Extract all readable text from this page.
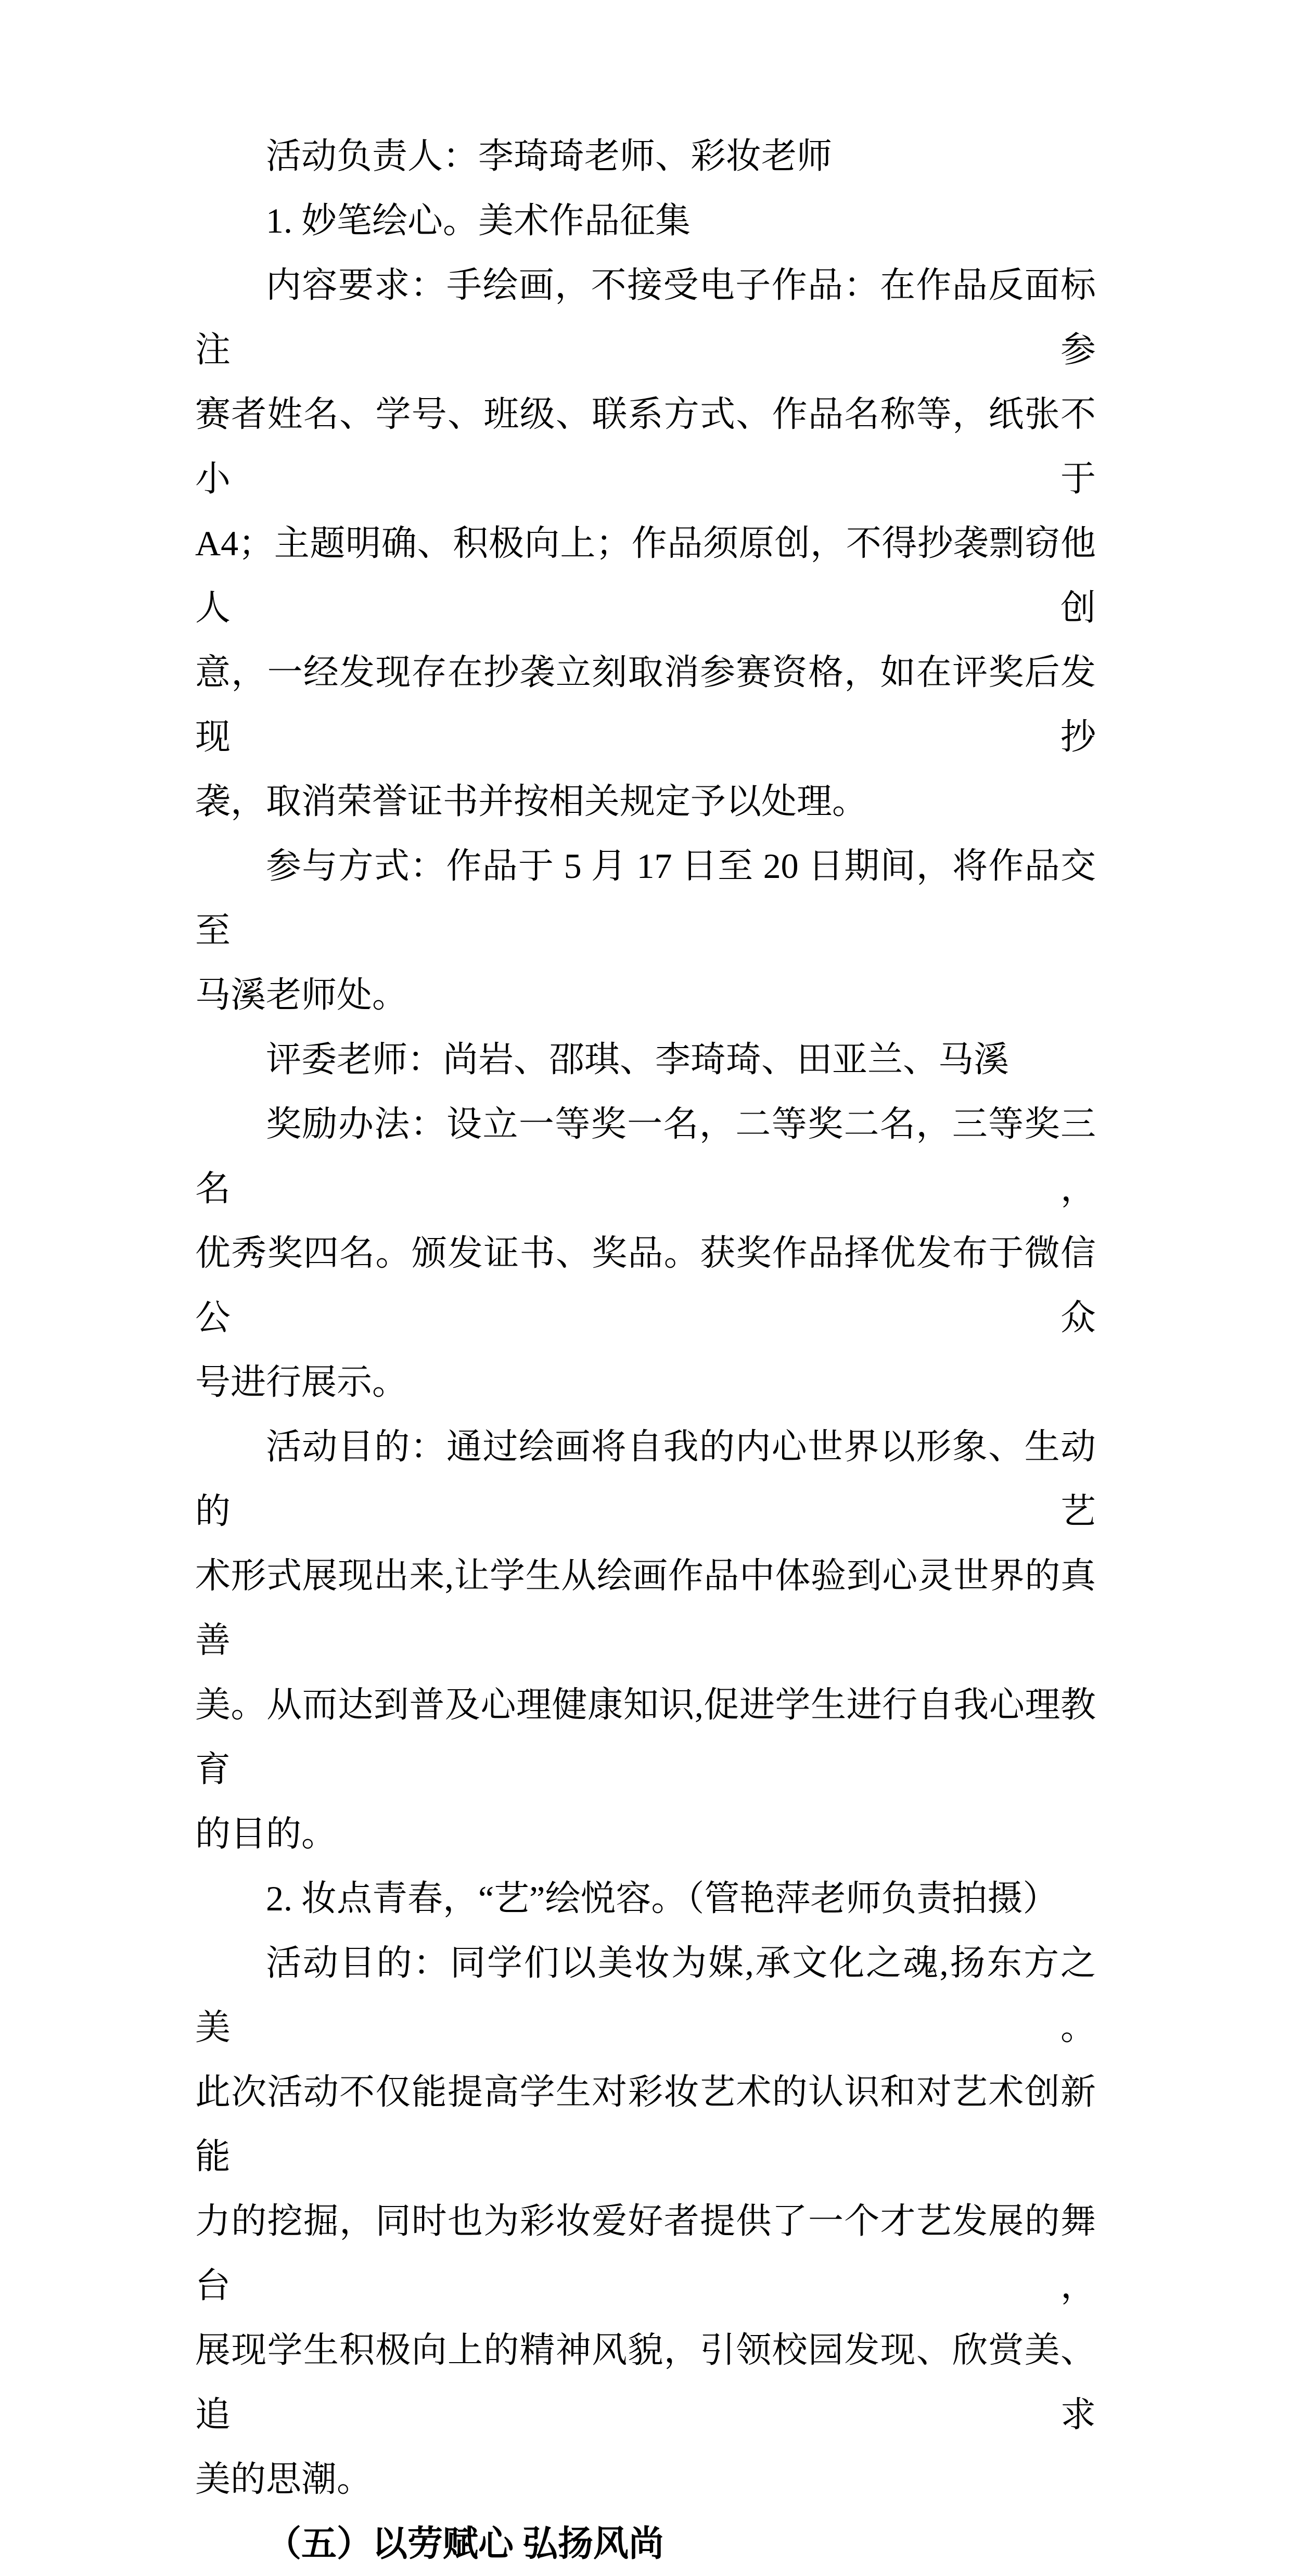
活动负责人：李琦琦老师、彩妆老师
1. 妙笔绘心。美术作品征集
内容要求：手绘画，不接受电子作品：在作品反面标注参
赛者姓名、学号、班级、联系方式、作品名称等，纸张不小于
A4；主题明确、积极向上；作品须原创，不得抄袭剽窃他人创
意，一经发现存在抄袭立刻取消参赛资格，如在评奖后发现抄
袭，取消荣誉证书并按相关规定予以处理。
参与方式：作品于 5 月 17 日至 20 日期间，将作品交至
马溪老师处。
评委老师：尚岩、邵琪、李琦琦、田亚兰、马溪
奖励办法：设立一等奖一名，二等奖二名，三等奖三名，
优秀奖四名。颁发证书、奖品。获奖作品择优发布于微信公众
号进行展示。
活动目的：通过绘画将自我的内心世界以形象、生动的艺
术形式展现出来,让学生从绘画作品中体验到心灵世界的真善
美。从而达到普及心理健康知识,促进学生进行自我心理教育
的目的。
2. 妆点青春，“艺”绘悦容。（管艳萍老师负责拍摄）
活动目的：同学们以美妆为媒,承文化之魂,扬东方之美。
此次活动不仅能提高学生对彩妆艺术的认识和对艺术创新能
力的挖掘，同时也为彩妆爱好者提供了一个才艺发展的舞台，
展现学生积极向上的精神风貌，引领校园发现、欣赏美、追求
美的思潮。
（五）以劳赋心 弘扬风尚
